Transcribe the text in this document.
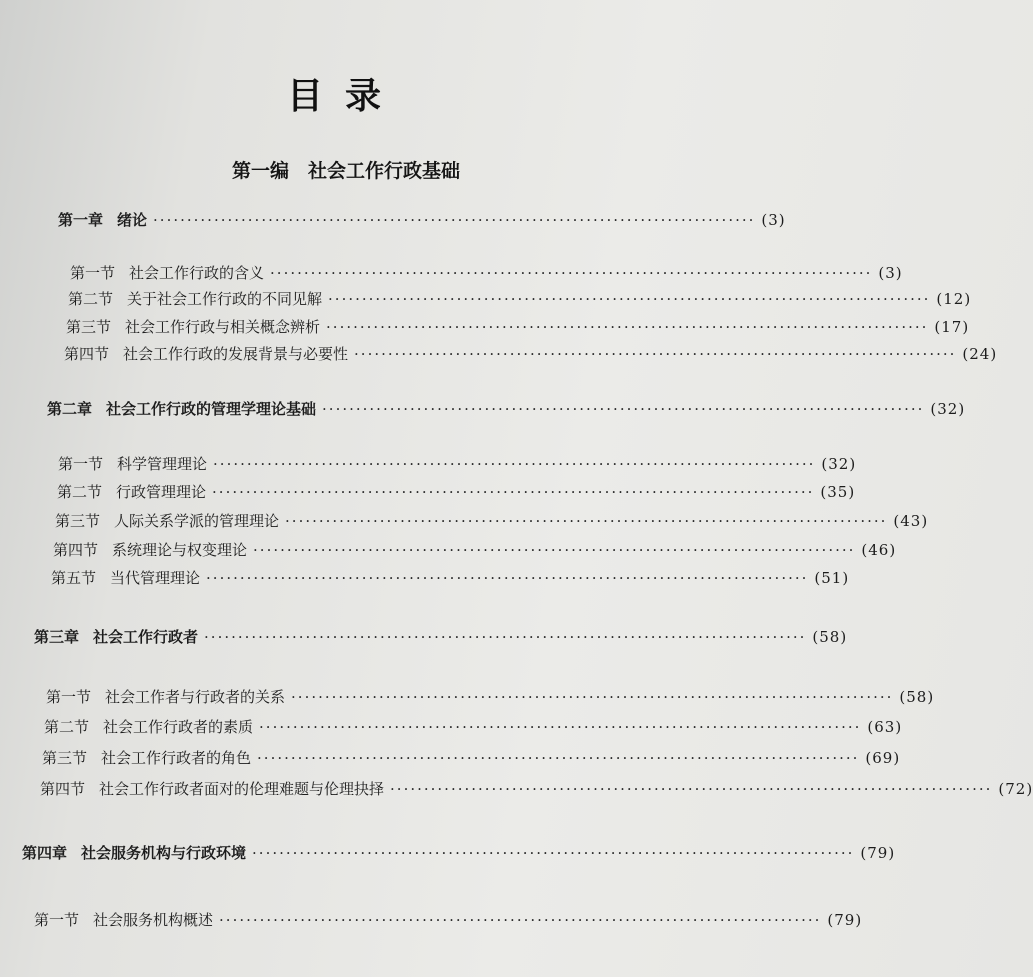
目录
第一编　社会工作行政基础
第一章 绪论 ························································································· (3)
第一节 社会工作行政的含义 ························································································· (3)
第二节 关于社会工作行政的不同见解 ························································································· (12)
第三节 社会工作行政与相关概念辨析 ························································································· (17)
第四节 社会工作行政的发展背景与必要性 ························································································· (24)
第二章 社会工作行政的管理学理论基础 ························································································· (32)
第一节 科学管理理论 ························································································· (32)
第二节 行政管理理论 ························································································· (35)
第三节 人际关系学派的管理理论 ························································································· (43)
第四节 系统理论与权变理论 ························································································· (46)
第五节 当代管理理论 ························································································· (51)
第三章 社会工作行政者 ························································································· (58)
第一节 社会工作者与行政者的关系 ························································································· (58)
第二节 社会工作行政者的素质 ························································································· (63)
第三节 社会工作行政者的角色 ························································································· (69)
第四节 社会工作行政者面对的伦理难题与伦理抉择 ························································································· (72)
第四章 社会服务机构与行政环境 ························································································· (79)
第一节 社会服务机构概述 ························································································· (79)
